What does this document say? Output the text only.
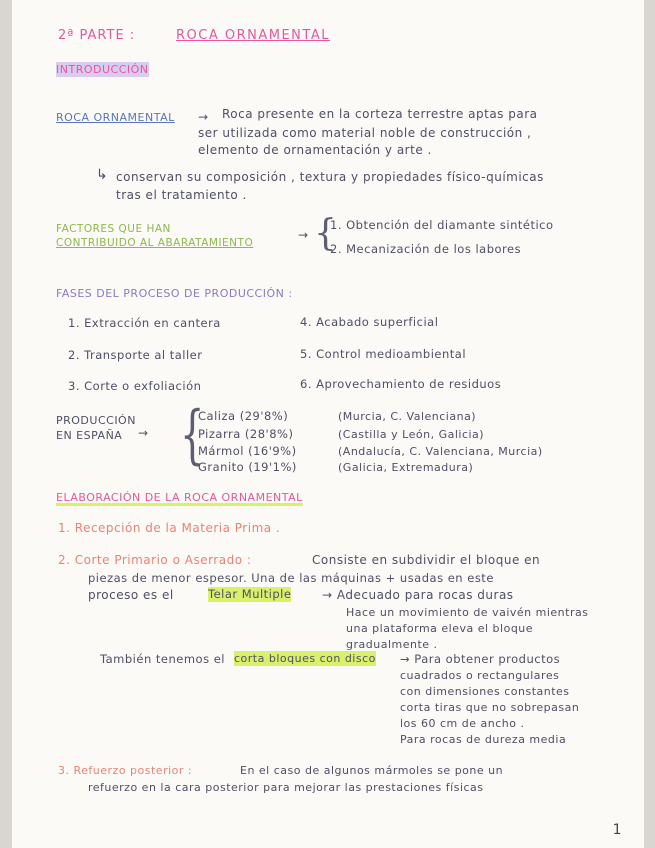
2ª PARTE :	ROCA ORNAMENTAL
INTRODUCCIÓN
ROCA ORNAMENTAL → Roca presente en la corteza terrestre aptas para
ser utilizada como material noble de construcción ,
elemento de ornamentación y arte .
↳ conservan su composición , textura y propiedades físico-químicas
tras el tratamiento .
FACTORES QUE HAN
CONTRIBUIDO AL ABARATAMIENTO
→ {
1. Obtención del diamante sintético
2. Mecanización de los labores
FASES DEL PROCESO DE PRODUCCIÓN :
1. Extracción en cantera
2. Transporte al taller
3. Corte o exfoliación
4. Acabado superficial
5. Control medioambiental
6. Aprovechamiento de residuos
PRODUCCIÓN
EN ESPAÑA → {
Caliza (29'8%)	(Murcia, C. Valenciana)
Pizarra (28'8%)	(Castilla y León, Galicia)
Mármol (16'9%)	(Andalucía, C. Valenciana, Murcia)
Granito (19'1%)	(Galicia, Extremadura)
ELABORACIÓN DE LA ROCA ORNAMENTAL
1. Recepción de la Materia Prima .
2. Corte Primario o Aserrado :	Consiste en subdividir el bloque en
piezas de menor espesor. Una de las máquinas + usadas en este
proceso es el	Telar Multiple	→ Adecuado para rocas duras
Hace un movimiento de vaivén mientras
una plataforma eleva el bloque
gradualmente .
También tenemos el corta bloques con disco → Para obtener productos
cuadrados o rectangulares
con dimensiones constantes
corta tiras que no sobrepasan
los 60 cm de ancho .
Para rocas de dureza media
3. Refuerzo posterior :	En el caso de algunos mármoles se pone un
refuerzo en la cara posterior para mejorar las prestaciones físicas
1
